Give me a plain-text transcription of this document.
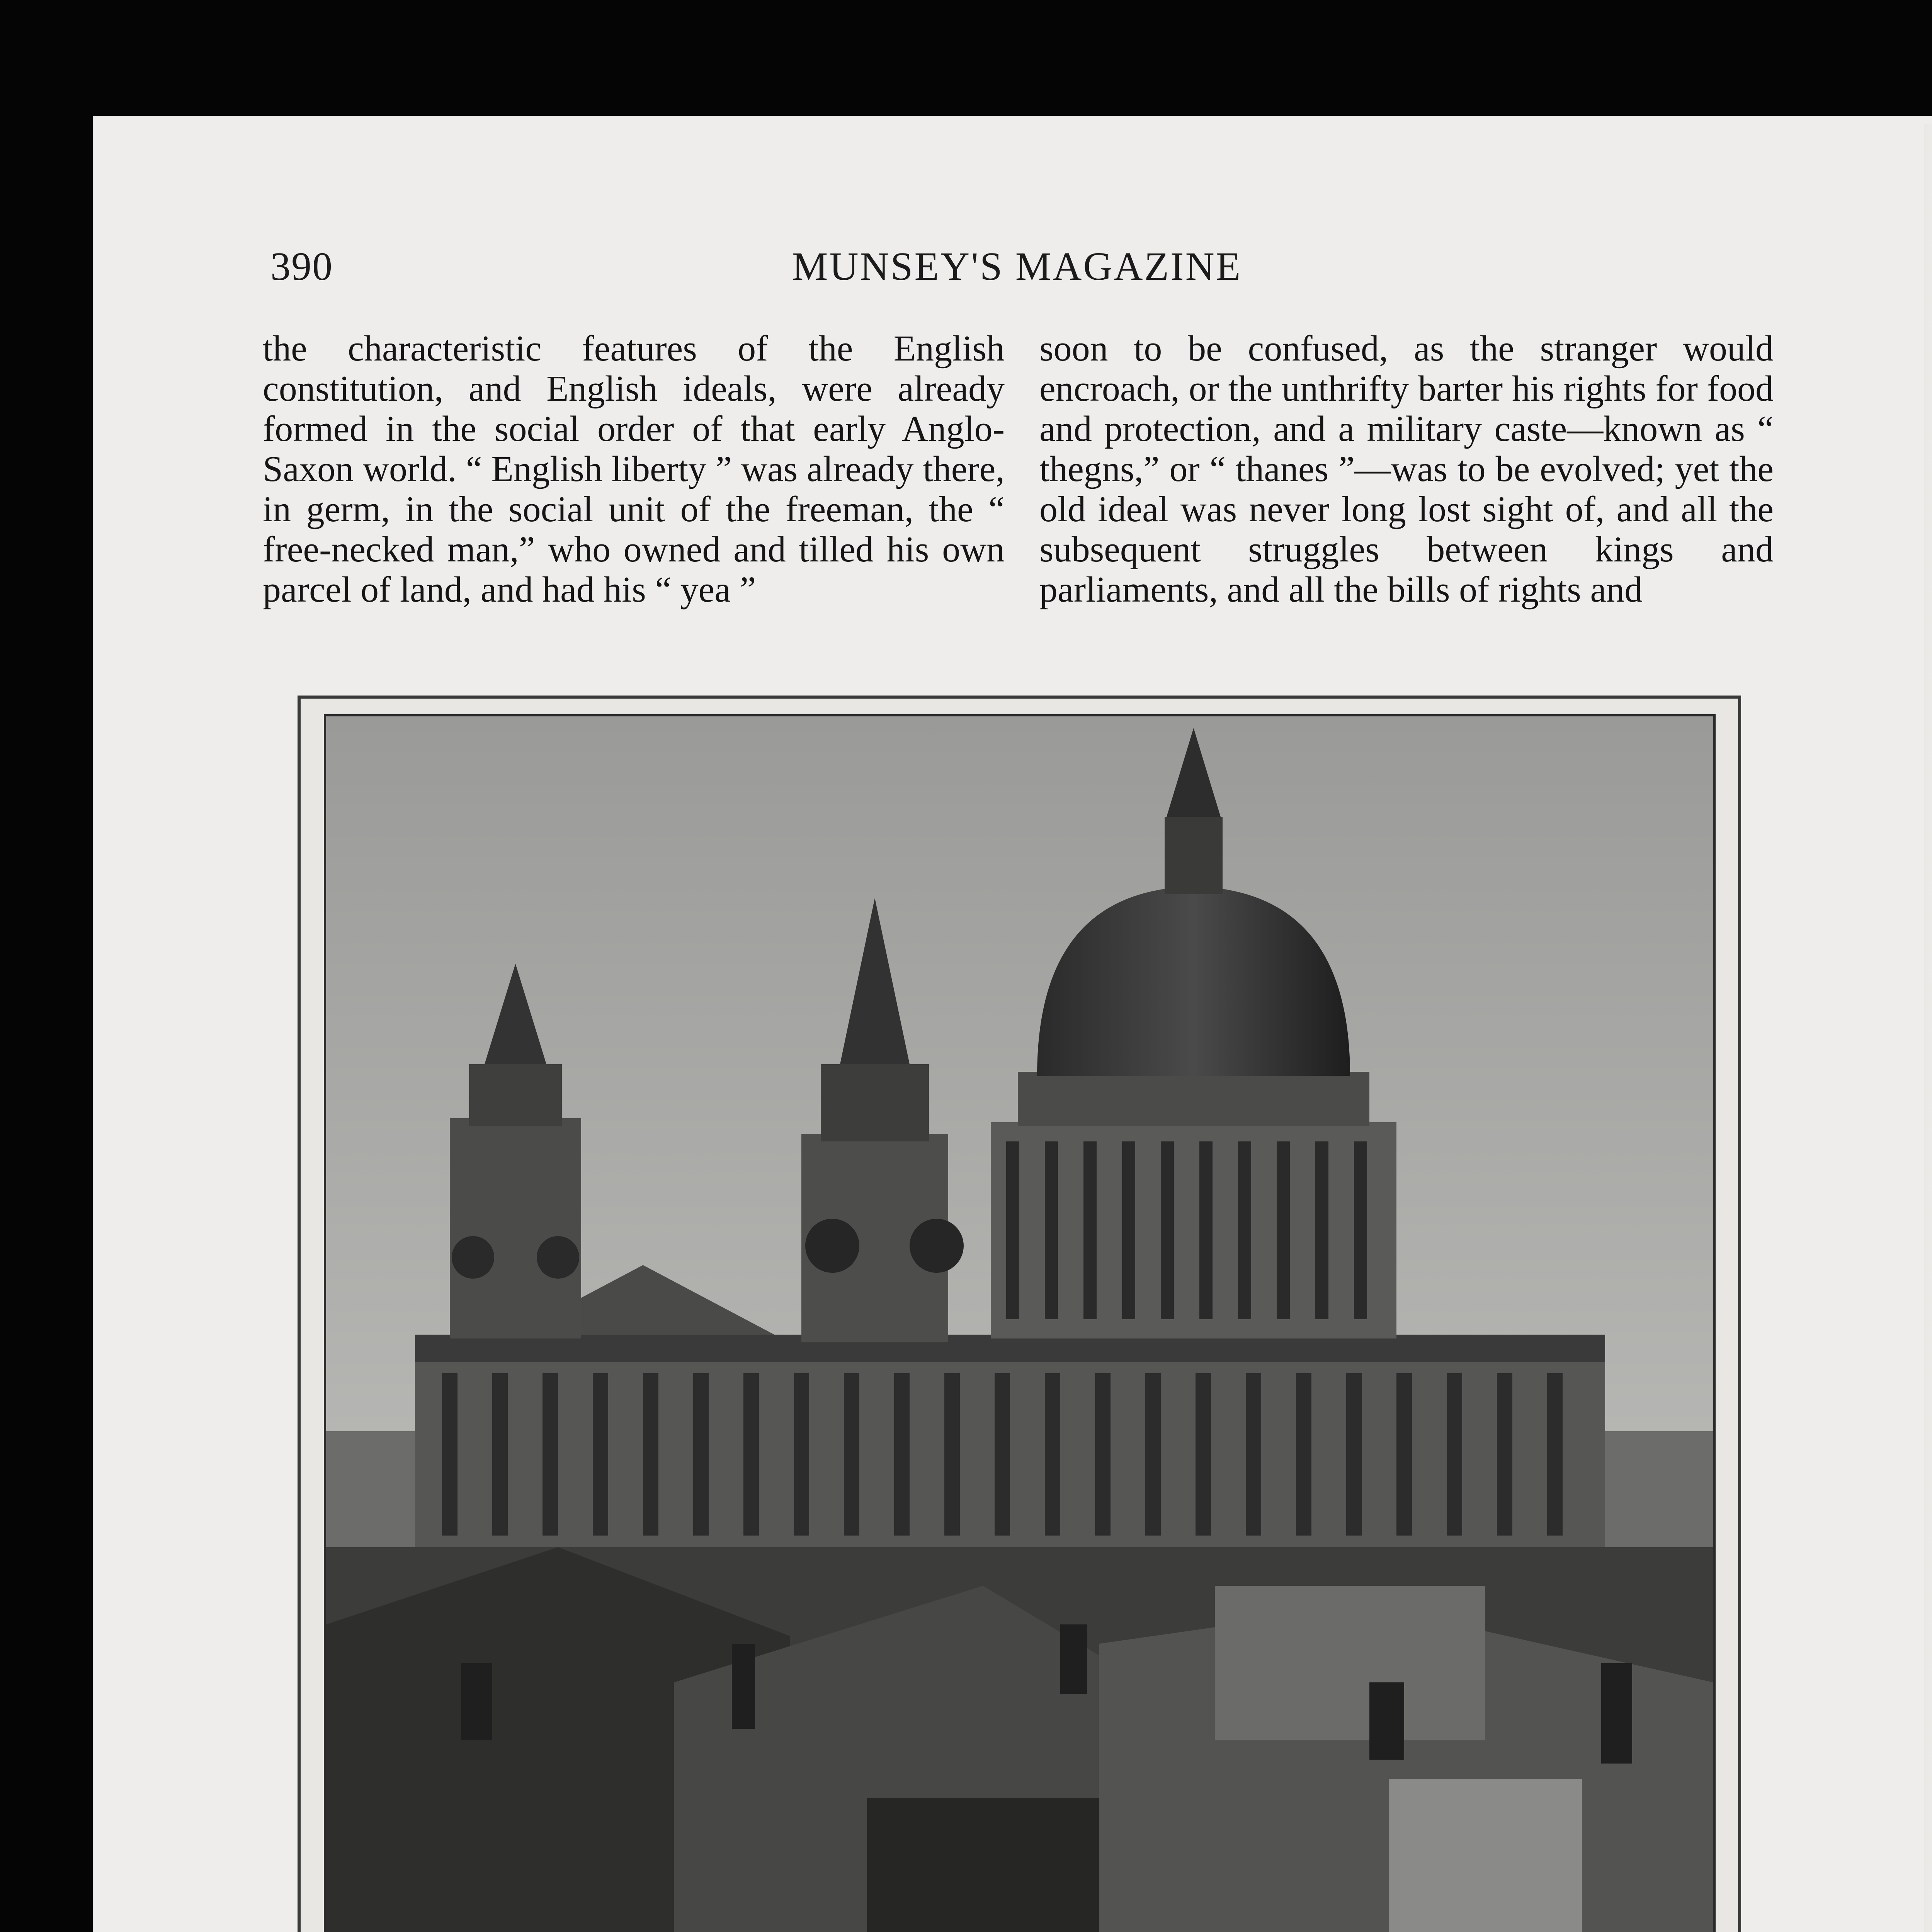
390	MUNSEY'S MAGAZINE

the characteristic features of the English constitution, and English ideals, were already formed in the social order of that early Anglo-Saxon world. “ English liberty ” was already there, in germ, in the social unit of the freeman, the “ free-necked man,” who owned and tilled his own parcel of land, and had his “ yea ”

soon to be confused, as the stranger would encroach, or the unthrifty barter his rights for food and protection, and a military caste—known as “ thegns,” or “ thanes ”—was to be evolved; yet the old ideal was never long lost sight of, and all the subsequent struggles between kings and parliaments, and all the bills of rights and
